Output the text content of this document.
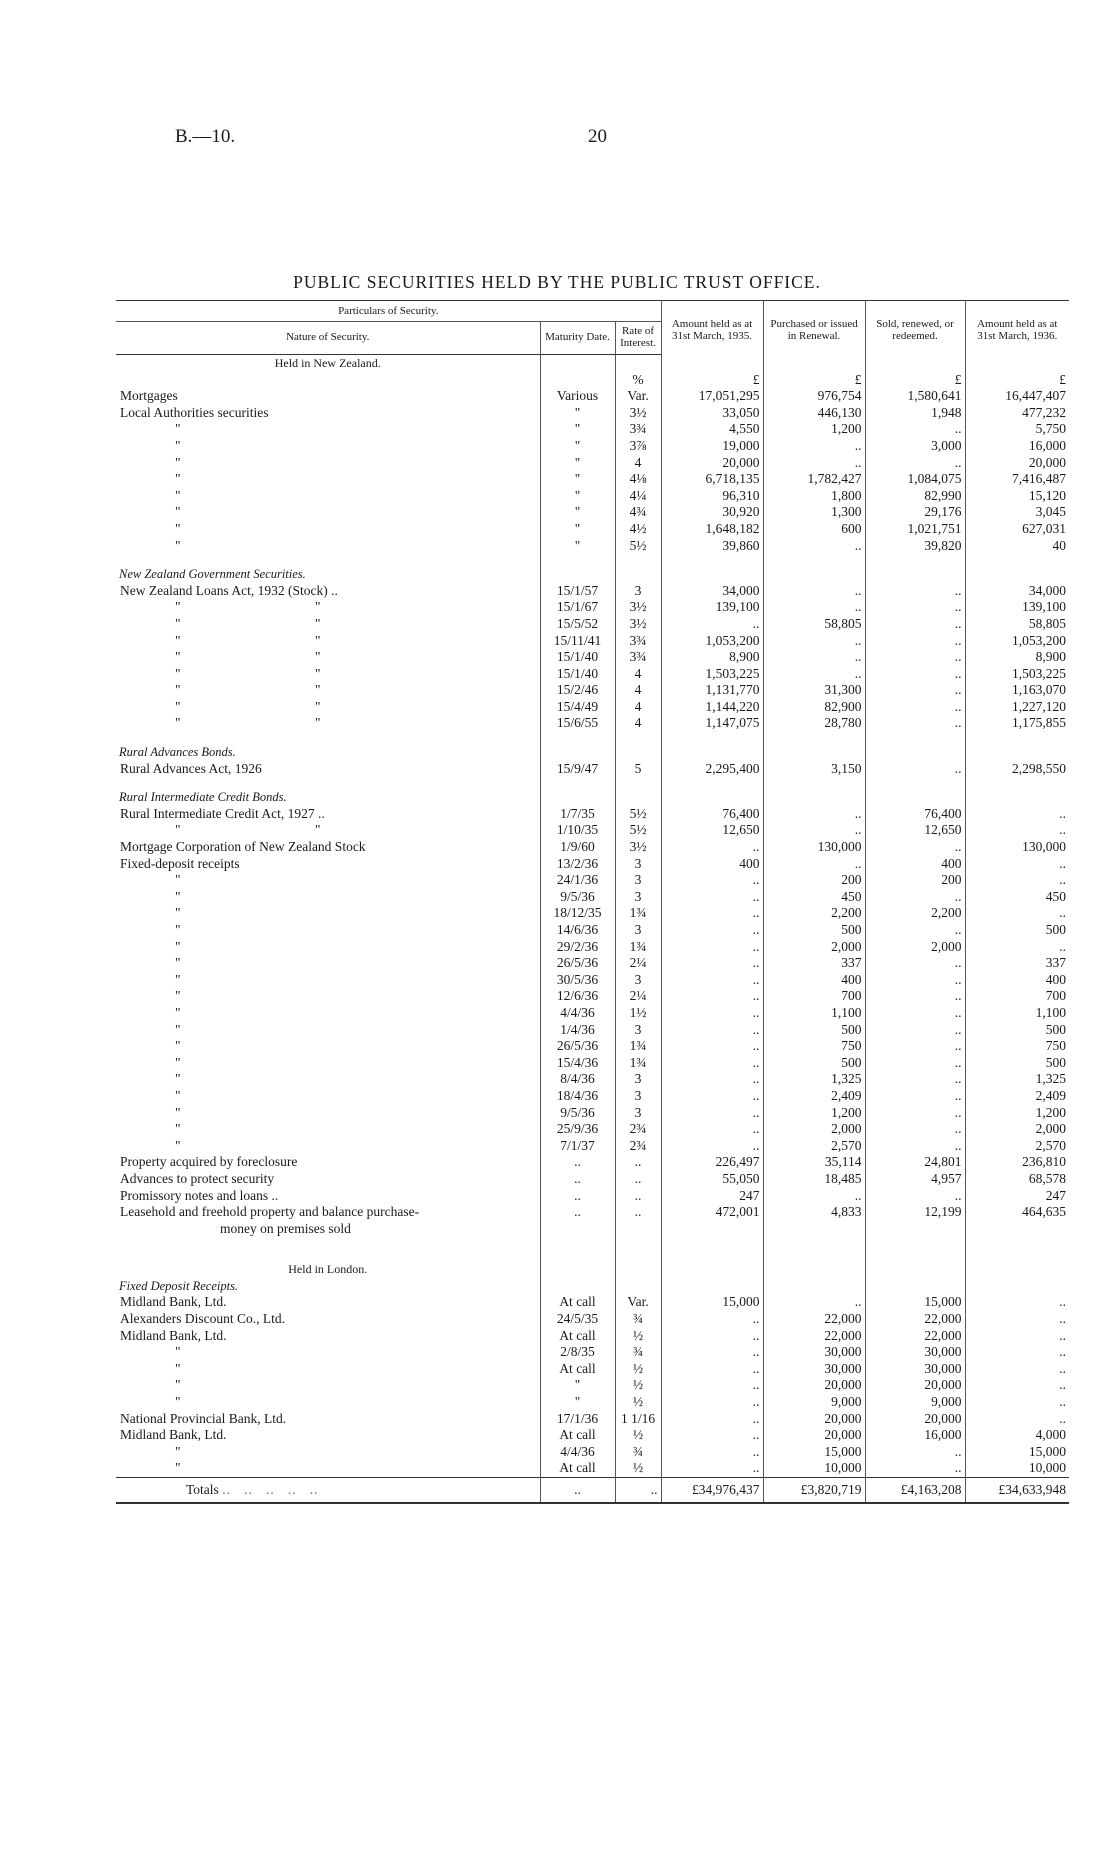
B.—10.	20
PUBLIC SECURITIES HELD BY THE PUBLIC TRUST OFFICE.
Particulars of Security.			Amount held as at 31st March, 1935.	Purchased or issued in Renewal.	Sold, renewed, or redeemed.	Amount held as at 31st March, 1936.
Nature of Security.	Maturity Date.	Rate of Interest.				
Held in New Zealand.						
		%	£	£	£	£
Mortgages	Various	Var.	17,051,295	976,754	1,580,641	16,447,407
Local Authorities securities	"	3½	33,050	446,130	1,948	477,232
"	"	3¾	4,550	1,200	..	5,750
"	"	3⅞	19,000	..	3,000	16,000
"	"	4	20,000	..	..	20,000
"	"	4⅛	6,718,135	1,782,427	1,084,075	7,416,487
"	"	4¼	96,310	1,800	82,990	15,120
"	"	4¾	30,920	1,300	29,176	3,045
"	"	4½	1,648,182	600	1,021,751	627,031
"	"	5½	39,860	..	39,820	40

New Zealand Government Securities.						
New Zealand Loans Act, 1932 (Stock) ..	15/1/57	3	34,000	..	..	34,000
" "	15/1/67	3½	139,100	..	..	139,100
" "	15/5/52	3½	..	58,805	..	58,805
" "	15/11/41	3¾	1,053,200	..	..	1,053,200
" "	15/1/40	3¾	8,900	..	..	8,900
" "	15/1/40	4	1,503,225	..	..	1,503,225
" "	15/2/46	4	1,131,770	31,300	..	1,163,070
" "	15/4/49	4	1,144,220	82,900	..	1,227,120
" "	15/6/55	4	1,147,075	28,780	..	1,175,855

Rural Advances Bonds.						
Rural Advances Act, 1926	15/9/47	5	2,295,400	3,150	..	2,298,550

Rural Intermediate Credit Bonds.						
Rural Intermediate Credit Act, 1927 ..	1/7/35	5½	76,400	..	76,400	..
" "	1/10/35	5½	12,650	..	12,650	..
Mortgage Corporation of New Zealand Stock	1/9/60	3½	..	130,000	..	130,000
Fixed-deposit receipts	13/2/36	3	400	..	400	..
"	24/1/36	3	..	200	200	..
"	9/5/36	3	..	450	..	450
"	18/12/35	1¾	..	2,200	2,200	..
"	14/6/36	3	..	500	..	500
"	29/2/36	1¾	..	2,000	2,000	..
"	26/5/36	2¼	..	337	..	337
"	30/5/36	3	..	400	..	400
"	12/6/36	2¼	..	700	..	700
"	4/4/36	1½	..	1,100	..	1,100
"	1/4/36	3	..	500	..	500
"	26/5/36	1¾	..	750	..	750
"	15/4/36	1¾	..	500	..	500
"	8/4/36	3	..	1,325	..	1,325
"	18/4/36	3	..	2,409	..	2,409
"	9/5/36	3	..	1,200	..	1,200
"	25/9/36	2¾	..	2,000	..	2,000
"	7/1/37	2¾	..	2,570	..	2,570
Property acquired by foreclosure	..	..	226,497	35,114	24,801	236,810
Advances to protect security	..	..	55,050	18,485	4,957	68,578
Promissory notes and loans ..	..	..	247	..	..	247
Leasehold and freehold property and balance purchase-	..	..	472,001	4,833	12,199	464,635
money on premises sold						

Held in London.						
Fixed Deposit Receipts.						
Midland Bank, Ltd.	At call	Var.	15,000	..	15,000	..
Alexanders Discount Co., Ltd.	24/5/35	¾	..	22,000	22,000	..
Midland Bank, Ltd.	At call	½	..	22,000	22,000	..
"	2/8/35	¾	..	30,000	30,000	..
"	At call	½	..	30,000	30,000	..
"	"	½	..	20,000	20,000	..
"	"	½	..	9,000	9,000	..
National Provincial Bank, Ltd.	17/1/36	1 1/16	..	20,000	20,000	..
Midland Bank, Ltd.	At call	½	..	20,000	16,000	4,000
"	4/4/36	¾	..	15,000	..	15,000
"	At call	½	..	10,000	..	10,000
Totals ..   ..   ..   ..   ..	..	..	£34,976,437	£3,820,719	£4,163,208	£34,633,948
